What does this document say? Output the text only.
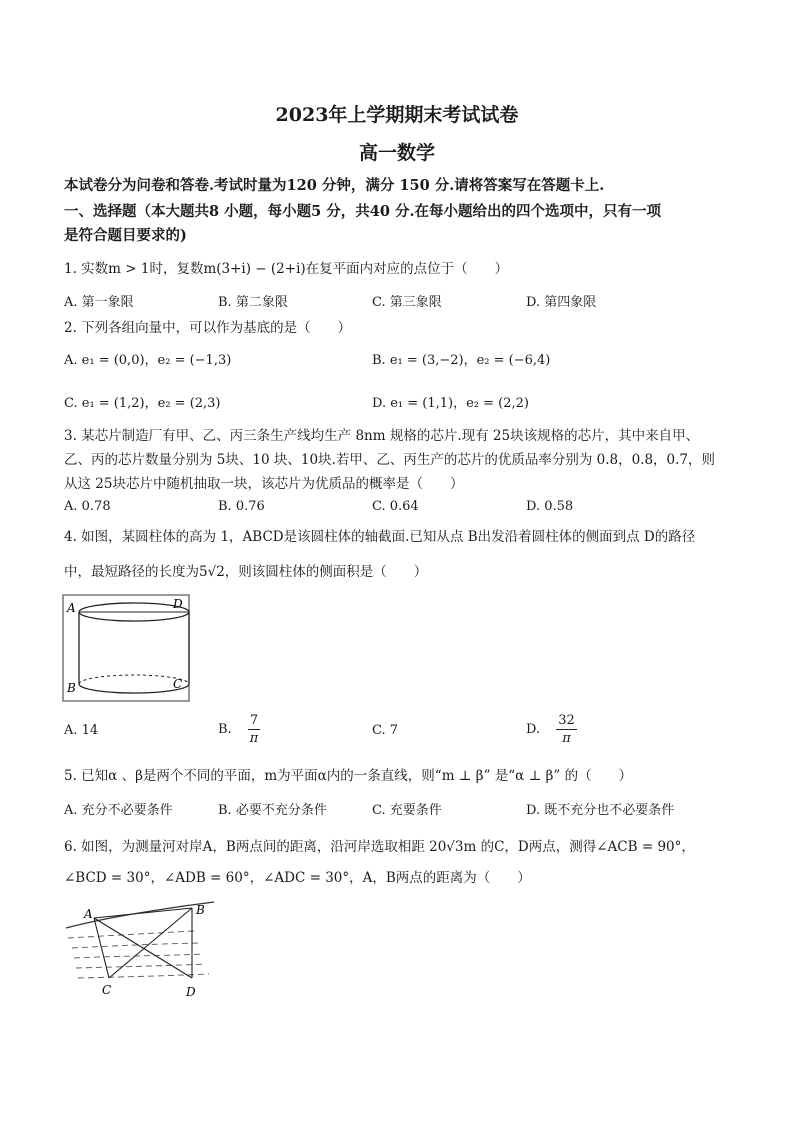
2023年上学期期末考试试卷
高一数学
本试卷分为问卷和答卷.考试时量为120 分钟，满分 150 分.请将答案写在答题卡上.
一、选择题（本大题共8 小题，每小题5 分，共40 分.在每小题给出的四个选项中，只有一项
是符合题目要求的)
1. 实数m > 1时，复数m(3+i) − (2+i)在复平面内对应的点位于（　　）
A. 第一象限	B. 第二象限	C. 第三象限	D. 第四象限
2. 下列各组向量中，可以作为基底的是（　　）
A. e₁ = (0,0)，e₂ = (−1,3)	B. e₁ = (3,−2)，e₂ = (−6,4)
C. e₁ = (1,2)，e₂ = (2,3)	D. e₁ = (1,1)，e₂ = (2,2)
3. 某芯片制造厂有甲、乙、丙三条生产线均生产 8nm 规格的芯片.现有 25块该规格的芯片，其中来自甲、
乙、丙的芯片数量分别为 5块、10 块、10块.若甲、乙、丙生产的芯片的优质品率分别为 0.8，0.8，0.7，则
从这 25块芯片中随机抽取一块，该芯片为优质品的概率是（　　）
A. 0.78	B. 0.76	C. 0.64	D. 0.58
4. 如图，某圆柱体的高为 1，ABCD是该圆柱体的轴截面.已知从点 B出发沿着圆柱体的侧面到点 D的路径
中，最短路径的长度为5√2，则该圆柱体的侧面积是（　　）
A	D
B	C
A. 14	B. $\frac{7}{\pi}$	C. 7	D. $\frac{32}{\pi}$
5. 已知α 、β是两个不同的平面，m为平面α内的一条直线，则“m ⊥ β” 是“α ⊥ β” 的（　　）
A. 充分不必要条件	B. 必要不充分条件	C. 充要条件	D. 既不充分也不必要条件
6. 如图，为测量河对岸A，B两点间的距离，沿河岸选取相距 20√3m 的C，D两点，测得∠ACB = 90°，
∠BCD = 30°，∠ADB = 60°，∠ADC = 30°，A，B两点的距离为（　　）
A	B
C	D
